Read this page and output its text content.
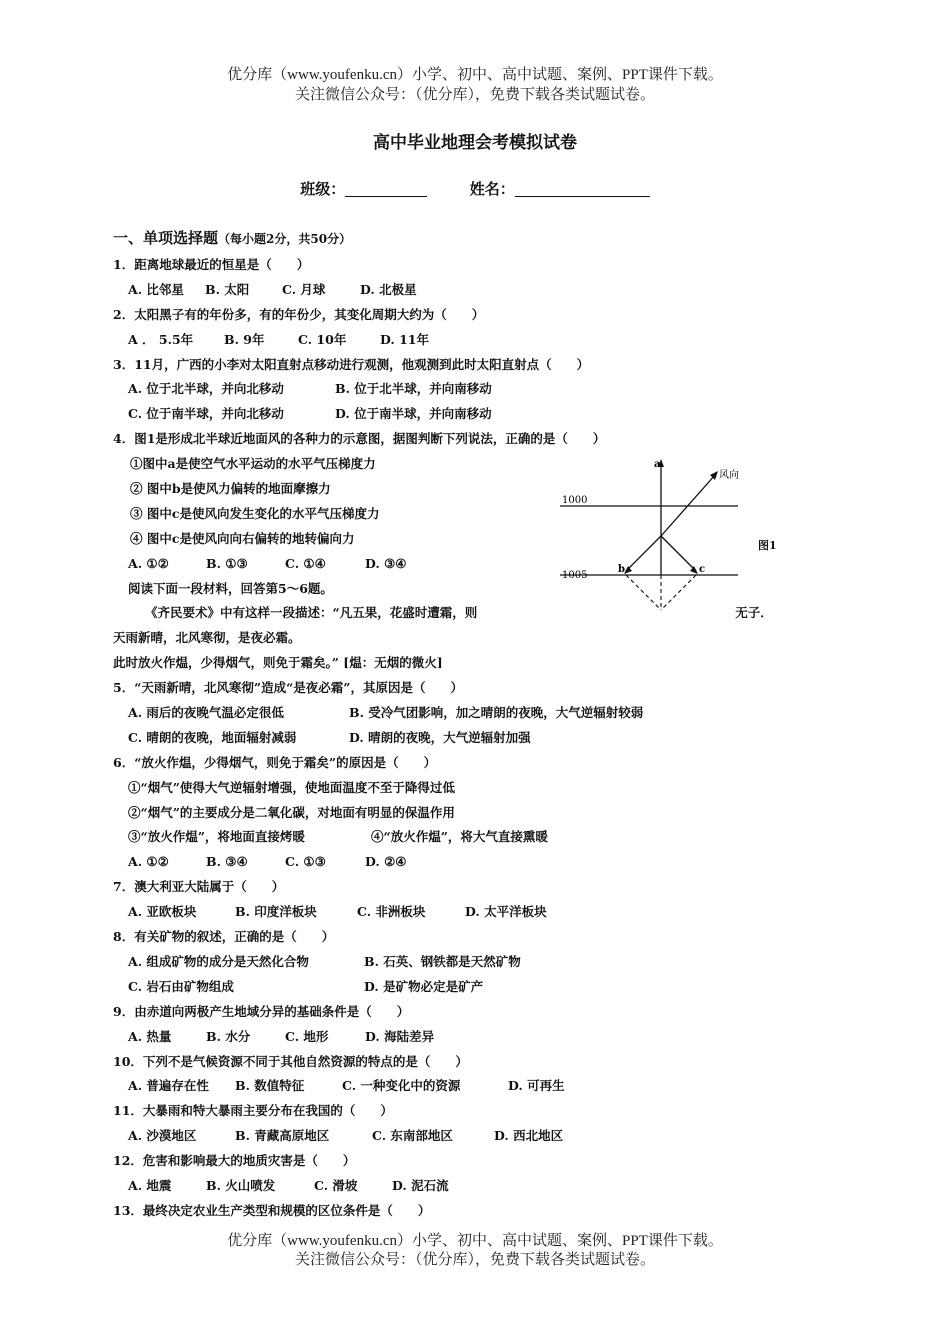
优分库（www.youfenku.cn）小学、初中、高中试题、案例、PPT课件下载。
关注微信公众号：（优分库），免费下载各类试题试卷。
高中毕业地理会考模拟试卷
班级：	姓名：
一、单项选择题（每小题2分，共50分）
1．距离地球最近的恒星是（　　）
A. 比邻星 B. 太阳	C. 月球	D. 北极星
2．太阳黑子有的年份多，有的年份少，其变化周期大约为（　　）
A ． 5.5年 B. 9年	C. 10年	D. 11年
3．11月，广西的小李对太阳直射点移动进行观测，他观测到此时太阳直射点（　　）
A. 位于北半球，并向北移动	B. 位于北半球，并向南移动
C. 位于南半球，并向北移动	D. 位于南半球，并向南移动
4．图1是形成北半球近地面风的各种力的示意图，据图判断下列说法，正确的是（　　）
①图中a是使空气水平运动的水平气压梯度力
② 图中b是使风力偏转的地面摩擦力
③ 图中c是使风向发生变化的水平气压梯度力
④ 图中c是使风向向右偏转的地转偏向力
A. ①②	B. ①③	C. ①④	D. ③④
阅读下面一段材料，回答第5～6题。
《齐民要术》中有这样一段描述：“凡五果，花盛时遭霜，则	无子．
天雨新晴，北风寒彻，是夜必霜。
此时放火作煴，少得烟气，则免于霜矣。” [煴：无烟的微火]
5．“天雨新晴，北风寒彻”造成“是夜必霜”，其原因是（　　）
A. 雨后的夜晚气温必定很低	B. 受冷气团影响，加之晴朗的夜晚，大气逆辐射较弱
C. 晴朗的夜晚，地面辐射减弱	D. 晴朗的夜晚，大气逆辐射加强
6．“放火作煴，少得烟气，则免于霜矣”的原因是（　　）
①“烟气”使得大气逆辐射增强，使地面温度不至于降得过低
②“烟气”的主要成分是二氧化碳，对地面有明显的保温作用
③“放火作煴”，将地面直接烤暖	④“放火作煴”，将大气直接熏暖
A. ①②	B. ③④	C. ①③	D. ②④
7．澳大利亚大陆属于（　　）
A. 亚欧板块	B. 印度洋板块	C. 非洲板块	D. 太平洋板块
8．有关矿物的叙述，正确的是（　　）
A. 组成矿物的成分是天然化合物	B. 石英、钢铁都是天然矿物
C. 岩石由矿物组成	D. 是矿物必定是矿产
9．由赤道向两极产生地域分异的基础条件是（　　）
A. 热量	B. 水分	C. 地形	D. 海陆差异
10．下列不是气候资源不同于其他自然资源的特点的是（　　）
A. 普遍存在性 B. 数值特征	C. 一种变化中的资源	D. 可再生
11．大暴雨和特大暴雨主要分布在我国的（　　）
A. 沙漠地区	B. 青藏高原地区	C. 东南部地区	D. 西北地区
12．危害和影响最大的地质灾害是（　　）
A. 地震	B. 火山喷发	C. 滑坡	D. 泥石流
13．最终决定农业生产类型和规模的区位条件是（　　）
1000
1005
a
b	c
风向
图1
优分库（www.youfenku.cn）小学、初中、高中试题、案例、PPT课件下载。
关注微信公众号：（优分库），免费下载各类试题试卷。
